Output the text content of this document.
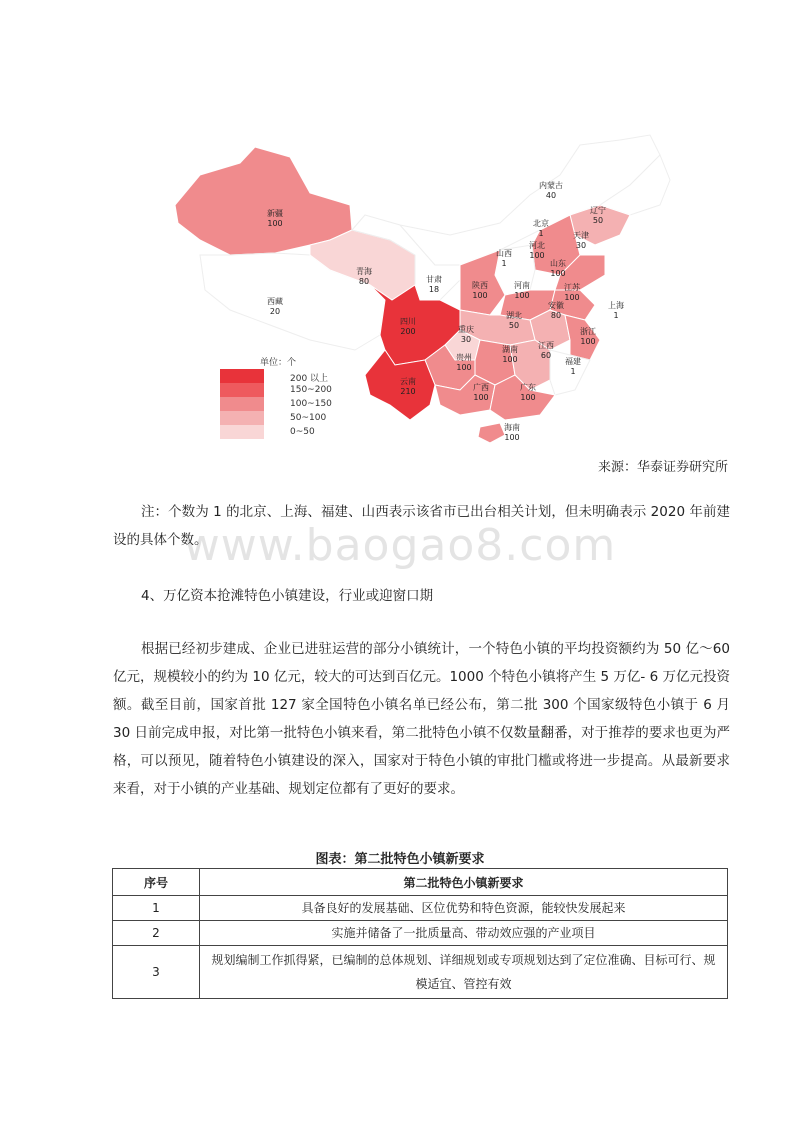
新疆
100
西藏
20
青海
80	甘肃
18
内蒙古
40
辽宁
50
北京
1	天津
30
河北
100
山西
1	山东
100
陕西
100
河南
100
江苏
100
上海
1
安徽
80
湖北
50
浙江
100
四川
200	重庆
30
江西
60
湖南
100
贵州
100
福建
1
云南
210	广西
100
广东
100
海南
100
单位：个
200 以上
150~200
100~150
50~100
0~50
来源：华泰证券研究所
www.baogao8.com
注：个数为 1 的北京、上海、福建、山西表示该省市已出台相关计划，但未明确表示 2020 年前建设的具体个数。
4、万亿资本抢滩特色小镇建设，行业或迎窗口期
根据已经初步建成、企业已进驻运营的部分小镇统计，一个特色小镇的平均投资额约为 50 亿～60 亿元，规模较小的约为 10 亿元，较大的可达到百亿元。1000 个特色小镇将产生 5 万亿- 6 万亿元投资额。截至目前，国家首批 127 家全国特色小镇名单已经公布，第二批 300 个国家级特色小镇于 6 月 30 日前完成申报，对比第一批特色小镇来看，第二批特色小镇不仅数量翻番，对于推荐的要求也更为严格，可以预见，随着特色小镇建设的深入，国家对于特色小镇的审批门槛或将进一步提高。从最新要求来看，对于小镇的产业基础、规划定位都有了更好的要求。
图表：第二批特色小镇新要求
序号	第二批特色小镇新要求
1	具备良好的发展基础、区位优势和特色资源，能较快发展起来
2	实施并储备了一批质量高、带动效应强的产业项目
3	规划编制工作抓得紧，已编制的总体规划、详细规划或专项规划达到了定位准确、目标可行、规模适宜、管控有效
